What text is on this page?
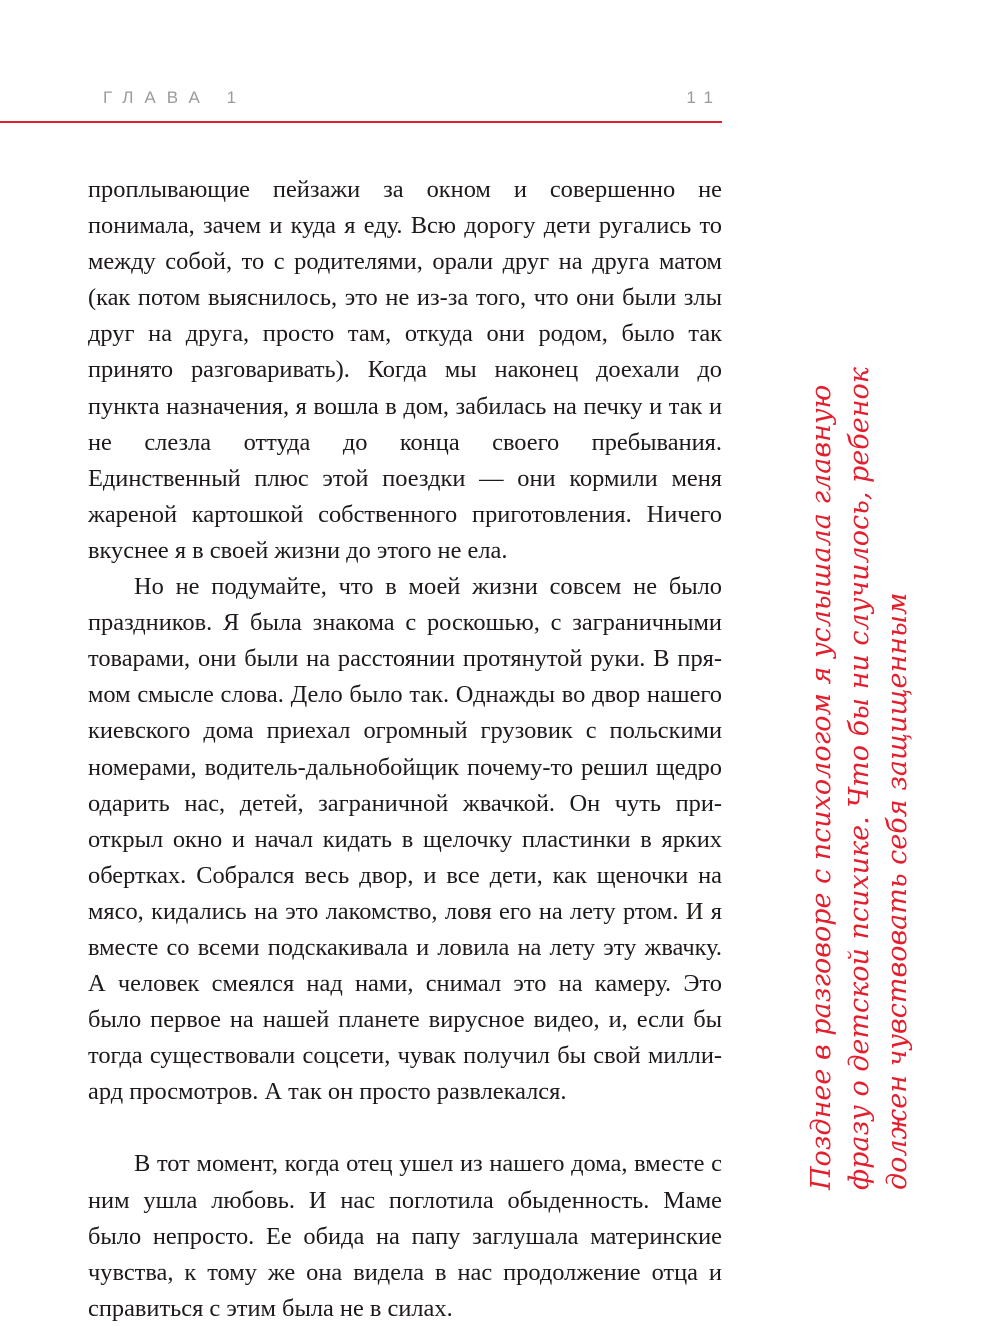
ГЛАВА 1	11

проплывающие пейзажи за окном и совершенно не понимала, зачем и куда я еду. Всю дорогу дети ругались то между собой, то с родителями, орали друг на друга матом (как потом выяснилось, это не из-за того, что они были злы друг на друга, просто там, откуда они родом, было так принято разговаривать). Когда мы наконец доехали до пункта назначения, я вошла в дом, забилась на печку и так и не слезла оттуда до конца своего пребывания. Единственный плюс этой поездки — они кормили меня жареной картошкой собственного приготовления. Ничего вкуснее я в своей жизни до этого не ела.

Но не подумайте, что в моей жизни совсем не было праздников. Я была знакома с роскошью, с заграничными товарами, они были на расстоянии протянутой руки. В прямом смысле слова. Дело было так. Однажды во двор нашего киевского дома приехал огромный грузовик с польскими номерами, водитель-дальнобойщик почему-то решил щедро одарить нас, детей, заграничной жвачкой. Он чуть приоткрыл окно и начал кидать в щелочку пластинки в ярких обертках. Собрался весь двор, и все дети, как щеночки на мясо, кидались на это лакомство, ловя его на лету ртом. И я вместе со всеми подскакивала и ловила на лету эту жвачку. А человек смеялся над нами, снимал это на камеру. Это было первое на нашей планете вирусное видео, и, если бы тогда существовали соцсети, чувак получил бы свой миллиард просмотров. А так он просто развлекался.

В тот момент, когда отец ушел из нашего дома, вместе с ним ушла любовь. И нас поглотила обыденность. Маме было непросто. Ее обида на папу заглушала материнские чувства, к тому же она видела в нас продолжение отца и справиться с этим была не в силах.

Позднее в разговоре с психологом я услышала главную фразу о детской психике. Что бы ни случилось, ребенок должен чувствовать себя защищенным
